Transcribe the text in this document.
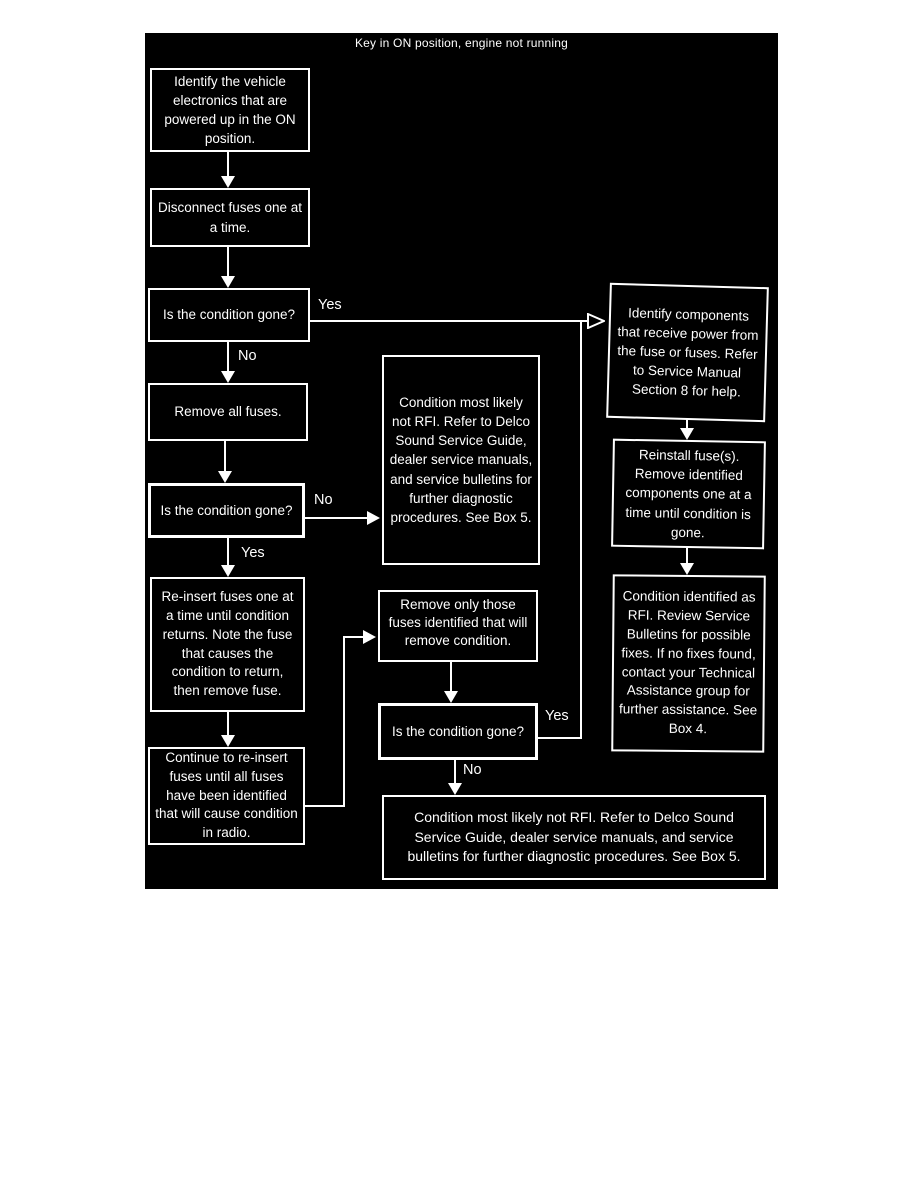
Key in ON position, engine not running
Identify the vehicle electronics that are powered up in the ON position.
Disconnect fuses one at a time.
Is the condition gone?
Remove all fuses.
Is the condition gone?
Re-insert fuses one at a time until condition returns. Note the fuse that causes the condition to return, then remove fuse.
Continue to re-insert fuses until all fuses have been identified that will cause condition in radio.
Condition most likely not RFI. Refer to Delco Sound Service Guide, dealer service manuals, and service bulletins for further diagnostic procedures. See Box 5.
Remove only those fuses identified that will remove condition.
Is the condition gone?
Condition most likely not RFI. Refer to Delco Sound Service Guide, dealer service manuals, and service bulletins for further diagnostic procedures. See Box 5.
Identify components that receive power from the fuse or fuses. Refer to Service Manual Section 8 for help.
Reinstall fuse(s). Remove identified components one at a time until condition is gone.
Condition identified as RFI. Review Service Bulletins for possible fixes. If no fixes found, contact your Technical Assistance group for further assistance. See Box 4.
No
Yes
Yes
No
Yes
No
